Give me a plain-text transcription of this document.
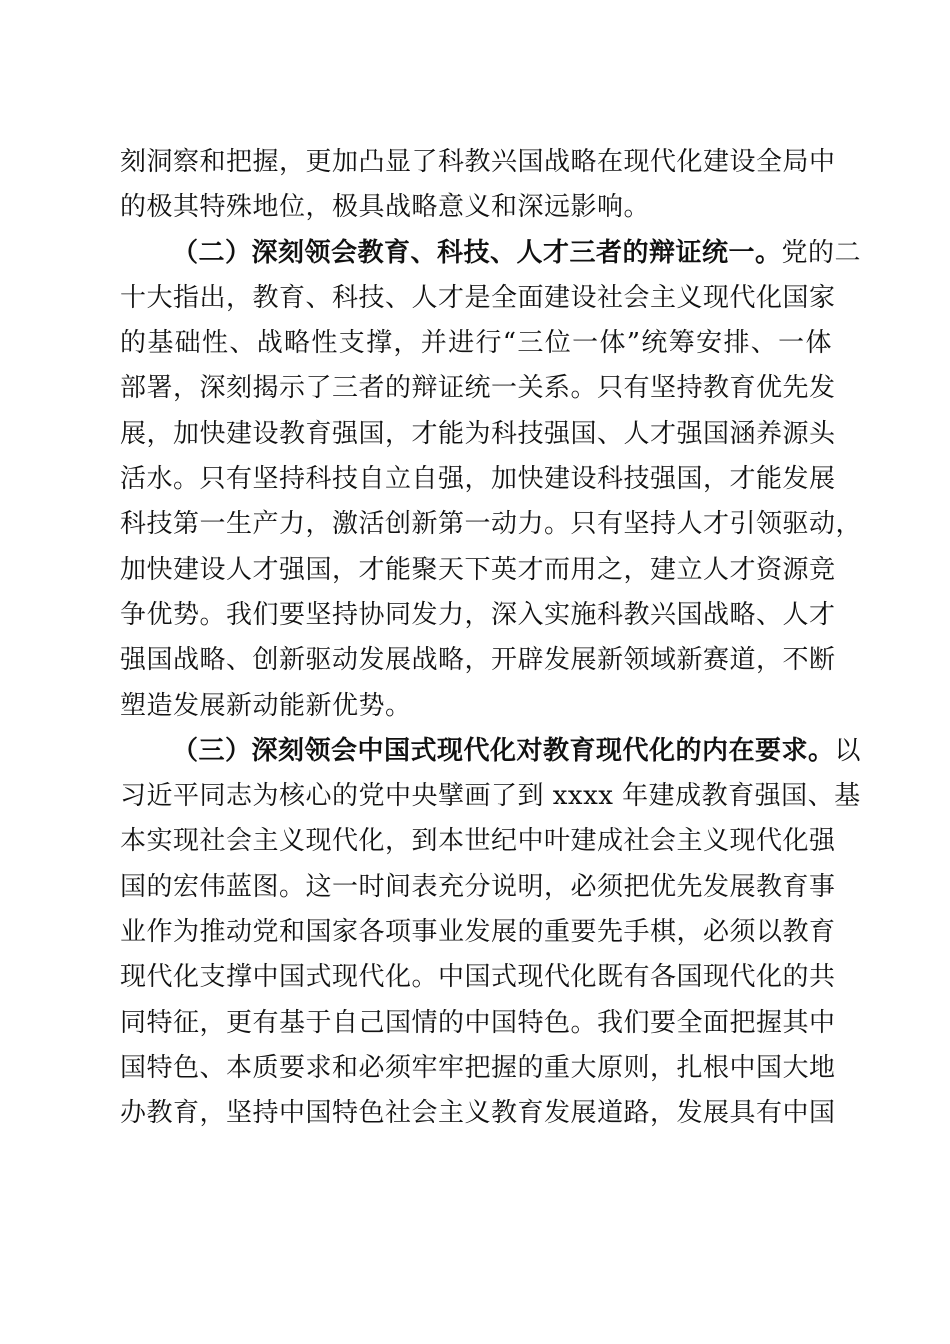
刻洞察和把握，更加凸显了科教兴国战略在现代化建设全局中
的极其特殊地位，极具战略意义和深远影响。
（二）深刻领会教育、科技、人才三者的辩证统一。党的二
十大指出，教育、科技、人才是全面建设社会主义现代化国家
的基础性、战略性支撑，并进行“三位一体”统筹安排、一体
部署，深刻揭示了三者的辩证统一关系。只有坚持教育优先发
展，加快建设教育强国，才能为科技强国、人才强国涵养源头
活水。只有坚持科技自立自强，加快建设科技强国，才能发展
科技第一生产力，激活创新第一动力。只有坚持人才引领驱动，
加快建设人才强国，才能聚天下英才而用之，建立人才资源竞
争优势。我们要坚持协同发力，深入实施科教兴国战略、人才
强国战略、创新驱动发展战略，开辟发展新领域新赛道，不断
塑造发展新动能新优势。
（三）深刻领会中国式现代化对教育现代化的内在要求。以
习近平同志为核心的党中央擘画了到 xxxx 年建成教育强国、基
本实现社会主义现代化，到本世纪中叶建成社会主义现代化强
国的宏伟蓝图。这一时间表充分说明，必须把优先发展教育事
业作为推动党和国家各项事业发展的重要先手棋，必须以教育
现代化支撑中国式现代化。中国式现代化既有各国现代化的共
同特征，更有基于自己国情的中国特色。我们要全面把握其中
国特色、本质要求和必须牢牢把握的重大原则，扎根中国大地
办教育，坚持中国特色社会主义教育发展道路，发展具有中国
